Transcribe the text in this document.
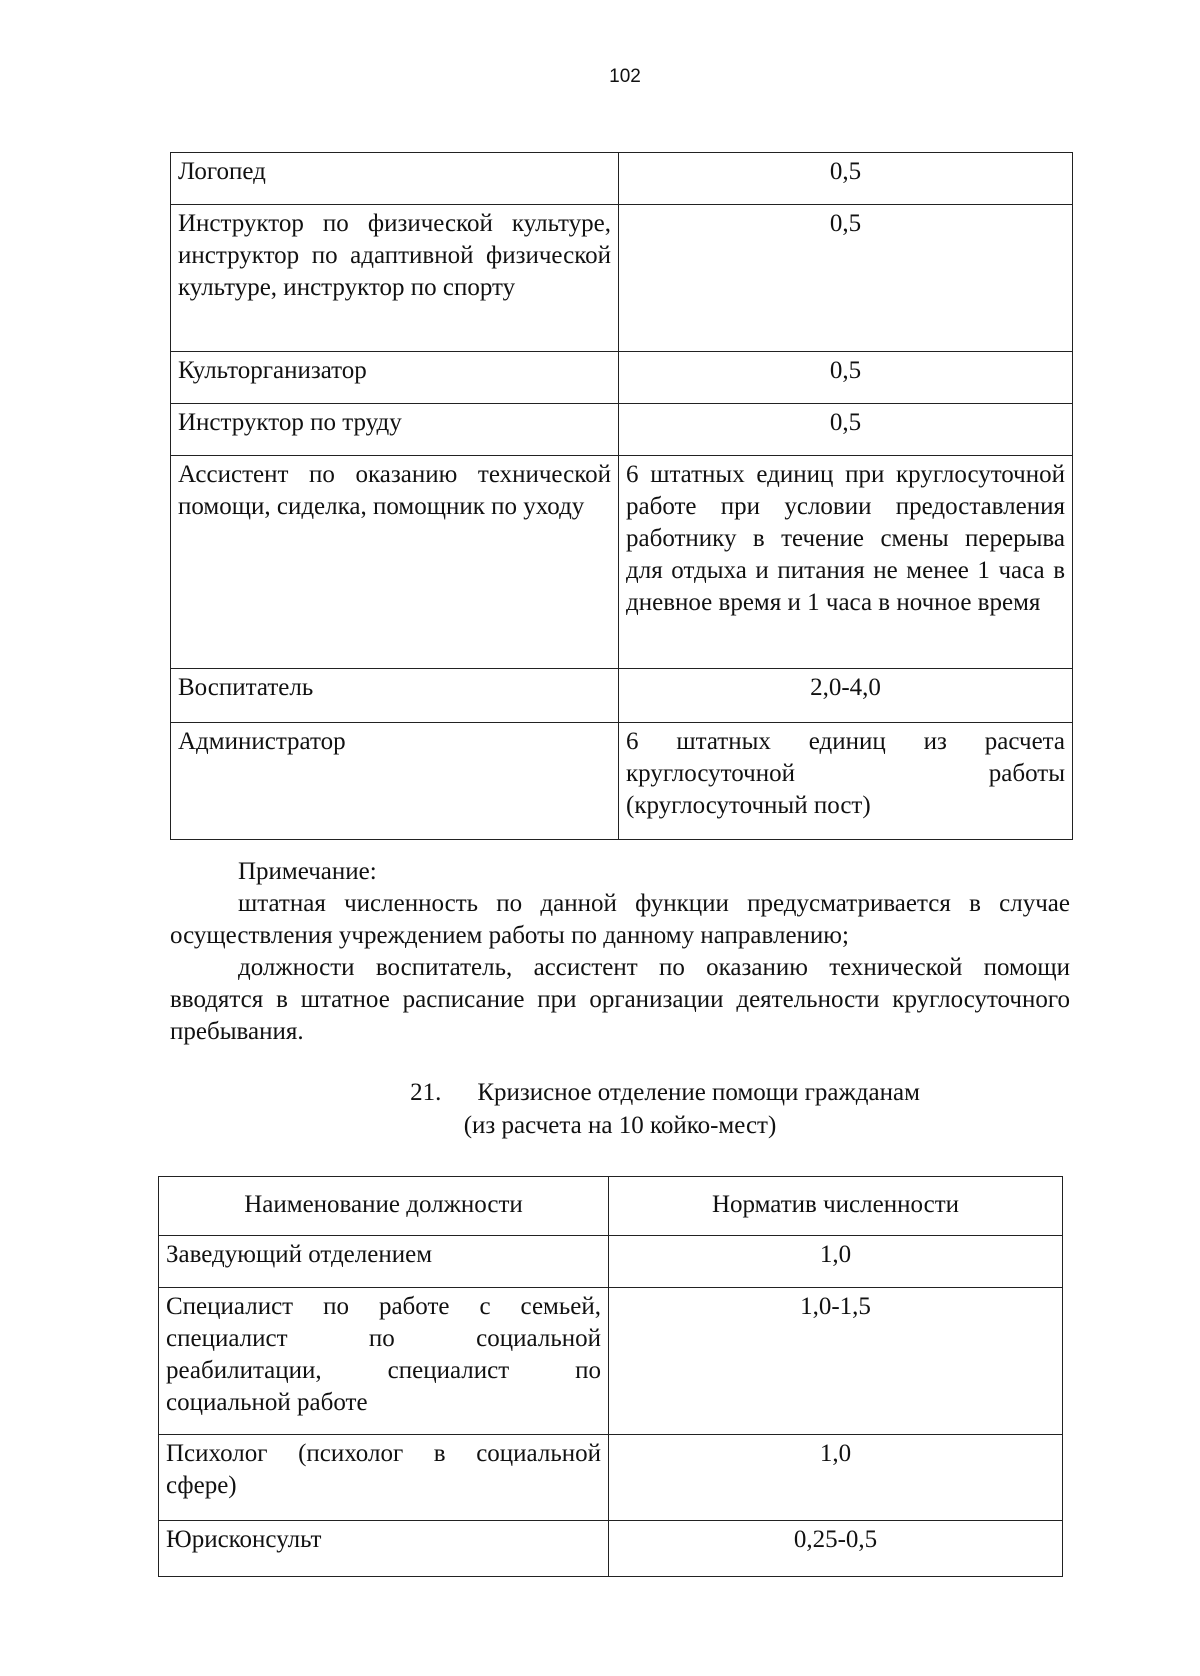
102
Логопед	0,5
Инструктор по физической культуре, инструктор по адаптивной физической культуре, инструктор по спорту	0,5
Культорганизатор	0,5
Инструктор по труду	0,5
Ассистент по оказанию технической помощи, сиделка, помощник по уходу	6 штатных единиц при круглосуточной работе при условии предоставления работнику в течение смены перерыва для отдыха и питания не менее 1 часа в дневное время и 1 часа в ночное время
Воспитатель	2,0-4,0
Администратор	6 штатных единиц из расчета круглосуточной работы (круглосуточный пост)

Примечание:

штатная численность по данной функции предусматривается в случае осуществления учреждением работы по данному направлению;

должности воспитатель, ассистент по оказанию технической помощи вводятся в штатное расписание при организации деятельности круглосуточного пребывания.

21. Кризисное отделение помощи гражданам
(из расчета на 10 койко-мест)
Наименование должности	Норматив численности
Заведующий отделением	1,0
Специалист по работе с семьей, специалист по социальной реабилитации, специалист по социальной работе	1,0-1,5
Психолог (психолог в социальной сфере)	1,0
Юрисконсульт	0,25-0,5
